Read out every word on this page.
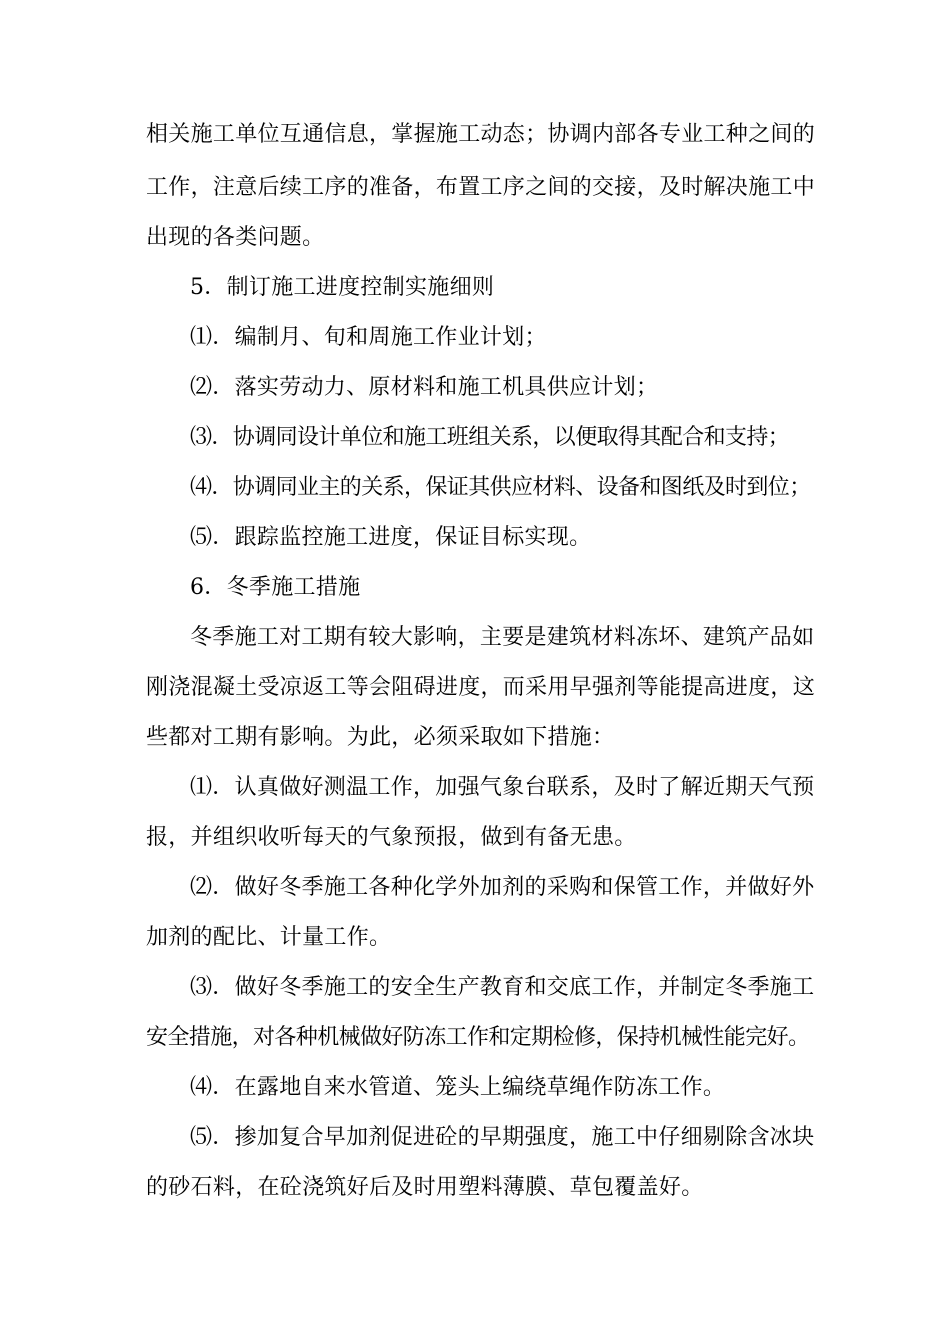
相关施工单位互通信息，掌握施工动态；协调内部各专业工种之间的
工作，注意后续工序的准备，布置工序之间的交接，及时解决施工中
出现的各类问题。
5．制订施工进度控制实施细则
⑴．编制月、旬和周施工作业计划；
⑵．落实劳动力、原材料和施工机具供应计划；
⑶．协调同设计单位和施工班组关系，以便取得其配合和支持；
⑷．协调同业主的关系，保证其供应材料、设备和图纸及时到位；
⑸．跟踪监控施工进度，保证目标实现。
6．冬季施工措施
冬季施工对工期有较大影响，主要是建筑材料冻坏、建筑产品如
刚浇混凝土受凉返工等会阻碍进度，而采用早强剂等能提高进度，这
些都对工期有影响。为此，必须采取如下措施：
⑴．认真做好测温工作，加强气象台联系，及时了解近期天气预
报，并组织收听每天的气象预报，做到有备无患。
⑵．做好冬季施工各种化学外加剂的采购和保管工作，并做好外
加剂的配比、计量工作。
⑶．做好冬季施工的安全生产教育和交底工作，并制定冬季施工
安全措施，对各种机械做好防冻工作和定期检修，保持机械性能完好。
⑷．在露地自来水管道、笼头上编绕草绳作防冻工作。
⑸．掺加复合早加剂促进砼的早期强度，施工中仔细剔除含冰块
的砂石料，在砼浇筑好后及时用塑料薄膜、草包覆盖好。
